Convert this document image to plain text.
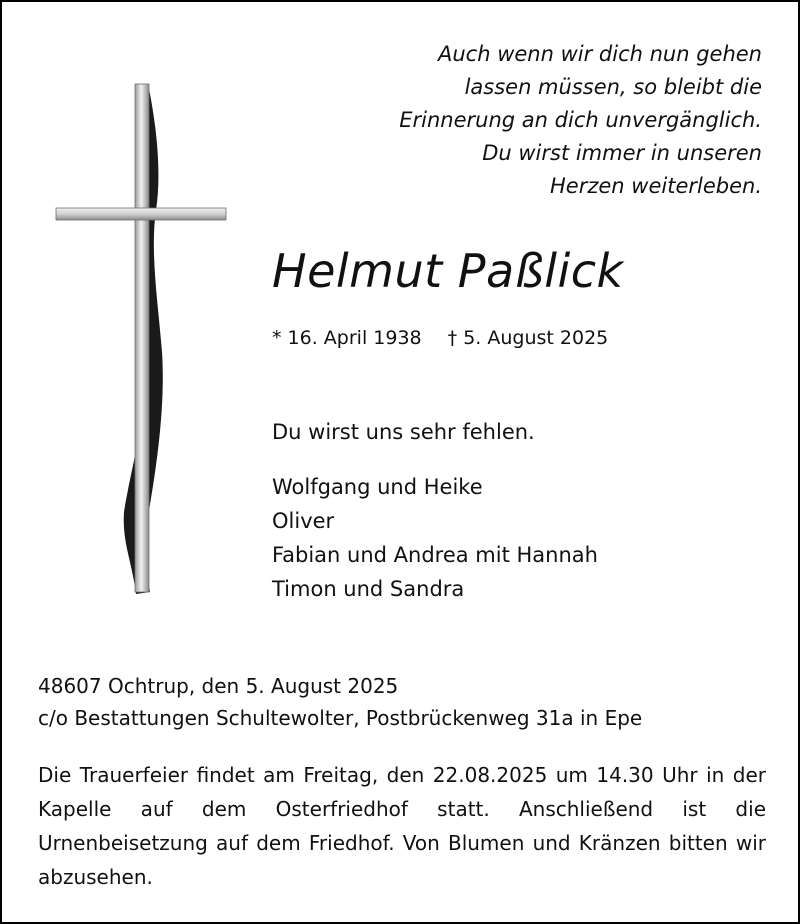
Auch wenn wir dich nun gehen
lassen müssen, so bleibt die
Erinnerung an dich unvergänglich.
Du wirst immer in unseren
Herzen weiterleben.

Helmut Paßlick
* 16. April 1938 † 5. August 2025
Du wirst uns sehr fehlen.
Wolfgang und Heike
Oliver
Fabian und Andrea mit Hannah
Timon und Sandra
48607 Ochtrup, den 5. August 2025
c/o Bestattungen Schultewolter, Postbrückenweg 31a in Epe

Die Trauerfeier findet am Freitag, den 22.08.2025 um 14.30 Uhr in der Kapelle auf dem Osterfriedhof statt. Anschließend ist die Urnenbeisetzung auf dem Friedhof. Von Blumen und Kränzen bitten wir abzusehen.
